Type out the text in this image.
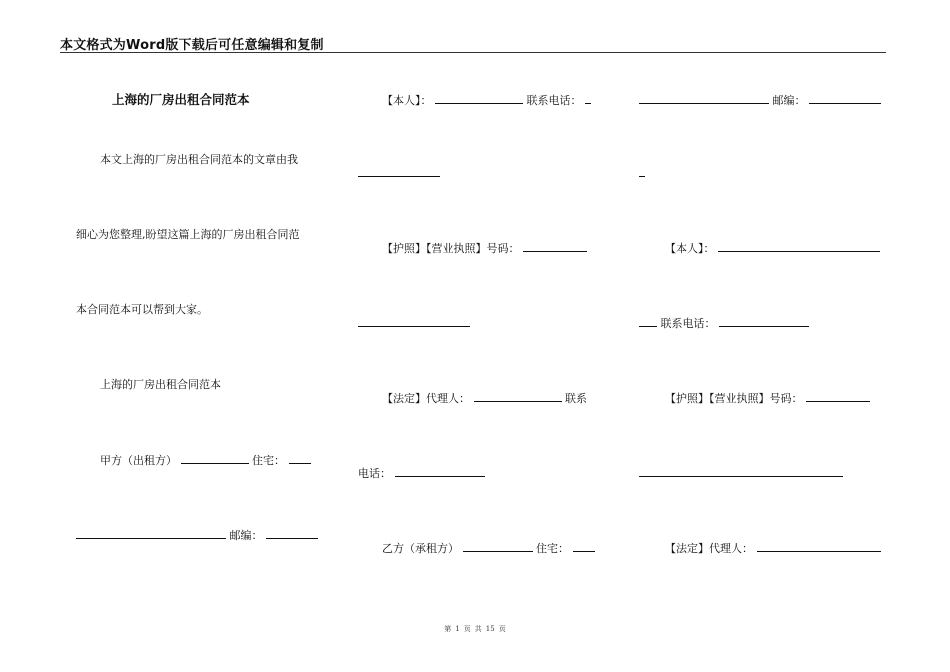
本文格式为Word版下载后可任意编辑和复制
上海的厂房出租合同范本
本文上海的厂房出租合同范本的文章由我
细心为您整理,盼望这篇上海的厂房出租合同范
本合同范本可以帮到大家。
上海的厂房出租合同范本
甲方（出租方）	住宅：
邮编：
【本人】：	联系电话：
【护照】【营业执照】号码：
【法定】代理人：	联系
电话：
乙方（承租方）	住宅：
邮编：
【本人】：
联系电话：
【护照】【营业执照】号码：
【法定】代理人：
第 1 页 共 15 页
